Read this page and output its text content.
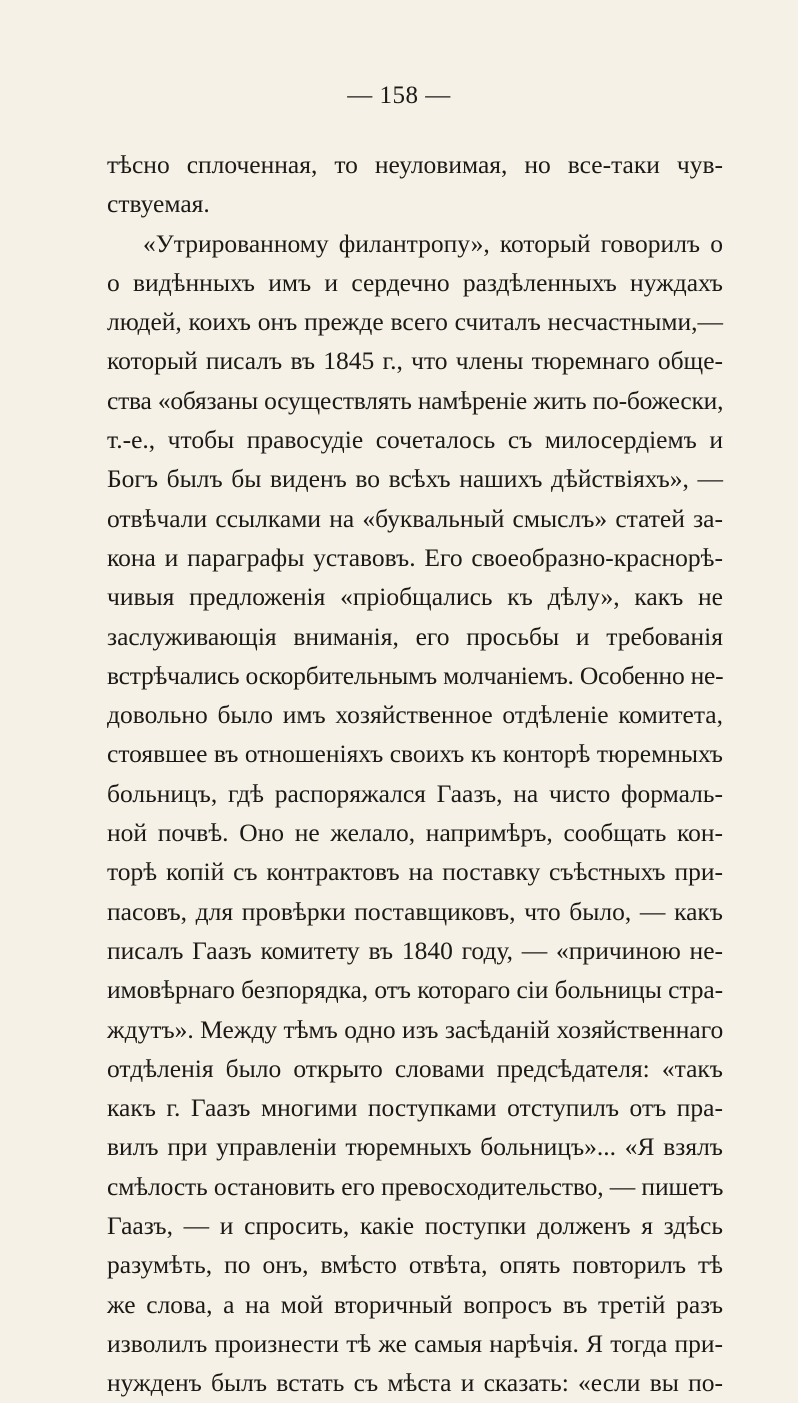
— 158 —
тѣсно сплоченная, то неуловимая, но все-таки чув-
ствуемая.
«Утрированному филантропу», который говорилъ о
о видѣнныхъ имъ и сердечно раздѣленныхъ нуждахъ
людей, коихъ онъ прежде всего считалъ несчастными,—
который писалъ въ 1845 г., что члены тюремнаго обще-
ства «обязаны осуществлять намѣреніе жить по-божески,
т.-е., чтобы правосудіе сочеталось съ милосердіемъ и
Богъ былъ бы виденъ во всѣхъ нашихъ дѣйствіяхъ», —
отвѣчали ссылками на «буквальный смыслъ» статей за-
кона и параграфы уставовъ. Его своеобразно-краснорѣ-
чивыя предложенія «пріобщались къ дѣлу», какъ не
заслуживающія вниманія, его просьбы и требованія
встрѣчались оскорбительнымъ молчаніемъ. Особенно не-
довольно было имъ хозяйственное отдѣленіе комитета,
стоявшее въ отношеніяхъ своихъ къ конторѣ тюремныхъ
больницъ, гдѣ распоряжался Гаазъ, на чисто формаль-
ной почвѣ. Оно не желало, напримѣръ, сообщать кон-
торѣ копій съ контрактовъ на поставку съѣстныхъ при-
пасовъ, для провѣрки поставщиковъ, что было, — какъ
писалъ Гаазъ комитету въ 1840 году, — «причиною не-
имовѣрнаго безпорядка, отъ котораго сіи больницы стра-
ждутъ». Между тѣмъ одно изъ засѣданій хозяйственнаго
отдѣленія было открыто словами предсѣдателя: «такъ
какъ г. Гаазъ многими поступками отступилъ отъ пра-
вилъ при управленіи тюремныхъ больницъ»... «Я взялъ
смѣлость остановить его превосходительство, — пишетъ
Гаазъ, — и спросить, какіе поступки долженъ я здѣсь
разумѣть, по онъ, вмѣсто отвѣта, опять повторилъ тѣ
же слова, а на мой вторичный вопросъ въ третій разъ
изволилъ произнести тѣ же самыя нарѣчія. Я тогда при-
нужденъ былъ встать съ мѣста и сказать: «если вы по-
